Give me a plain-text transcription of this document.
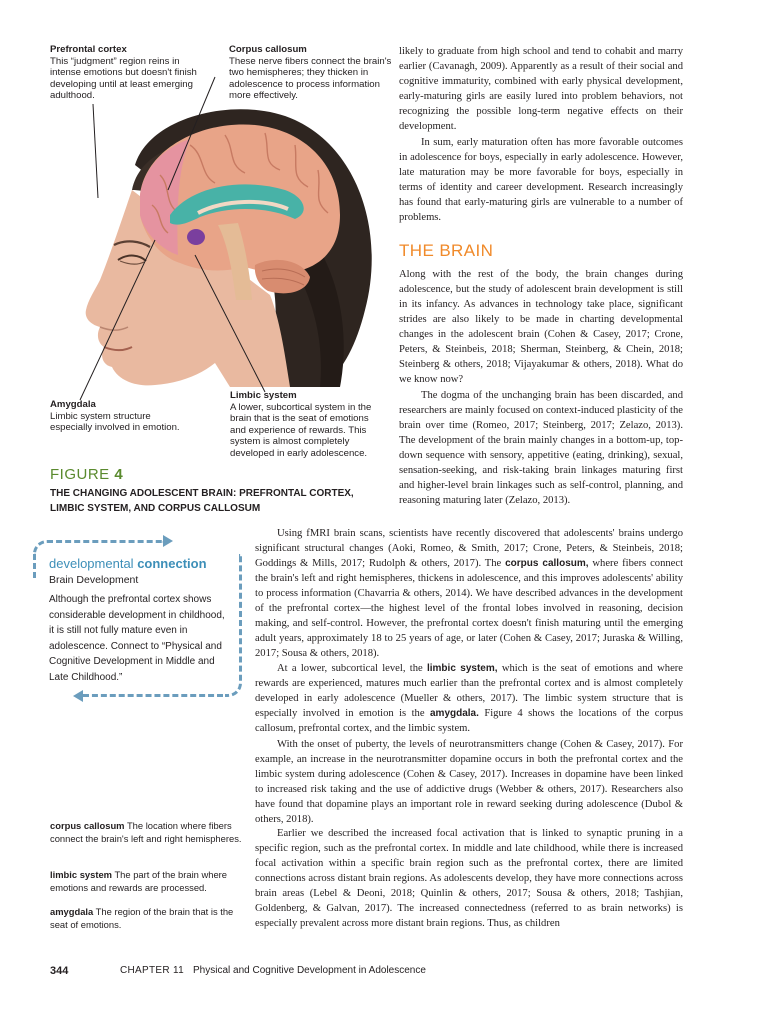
Prefrontal cortex
This “judgment” region reins in intense emotions but doesn't finish developing until at least emerging adulthood.
Corpus callosum
These nerve fibers connect the brain's two hemispheres; they thicken in adolescence to process information more effectively.
Amygdala
Limbic system structure especially involved in emotion.
Limbic system
A lower, subcortical system in the brain that is the seat of emotions and experience of rewards. This system is almost completely developed in early adolescence.
FIGURE 4
THE CHANGING ADOLESCENT BRAIN: PREFRONTAL CORTEX, LIMBIC SYSTEM, AND CORPUS CALLOSUM
developmental connection
Brain Development
Although the prefrontal cortex shows considerable development in childhood, it is still not fully mature even in adolescence. Connect to “Physical and Cognitive Development in Middle and Late Childhood.”
corpus callosum The location where fibers connect the brain's left and right hemispheres.
limbic system The part of the brain where emotions and rewards are processed.
amygdala The region of the brain that is the seat of emotions.
likely to graduate from high school and tend to cohabit and marry earlier (Cavanagh, 2009). Apparently as a result of their social and cognitive immaturity, combined with early physical development, early-maturing girls are easily lured into problem behaviors, not recognizing the possible long-term negative effects on their development.
In sum, early maturation often has more favorable outcomes in adolescence for boys, especially in early adolescence. However, late maturation may be more favorable for boys, especially in terms of identity and career development. Research increasingly has found that early-maturing girls are vulnerable to a number of problems.
THE BRAIN
Along with the rest of the body, the brain changes during adolescence, but the study of adolescent brain development is still in its infancy. As advances in technology take place, significant strides are also likely to be made in charting developmental changes in the adolescent brain (Cohen & Casey, 2017; Crone, Peters, & Steinbeis, 2018; Sherman, Steinberg, & Chein, 2018; Steinberg & others, 2018; Vijayakumar & others, 2018). What do we know now?
The dogma of the unchanging brain has been discarded, and researchers are mainly focused on context-induced plasticity of the brain over time (Romeo, 2017; Steinberg, 2017; Zelazo, 2013). The development of the brain mainly changes in a bottom-up, top-down sequence with sensory, appetitive (eating, drinking), sexual, sensation-seeking, and risk-taking brain linkages maturing first and higher-level brain linkages such as self-control, planning, and reasoning maturing later (Zelazo, 2013).
Using fMRI brain scans, scientists have recently discovered that adolescents' brains undergo significant structural changes (Aoki, Romeo, & Smith, 2017; Crone, Peters, & Steinbeis, 2018; Goddings & Mills, 2017; Rudolph & others, 2017). The corpus callosum, where fibers connect the brain's left and right hemispheres, thickens in adolescence, and this improves adolescents' ability to process information (Chavarria & others, 2014). We have described advances in the development of the prefrontal cortex—the highest level of the frontal lobes involved in reasoning, decision making, and self-control. However, the prefrontal cortex doesn't finish maturing until the emerging adult years, approximately 18 to 25 years of age, or later (Cohen & Casey, 2017; Juraska & Willing, 2017; Sousa & others, 2018).
At a lower, subcortical level, the limbic system, which is the seat of emotions and where rewards are experienced, matures much earlier than the prefrontal cortex and is almost completely developed in early adolescence (Mueller & others, 2017). The limbic system structure that is especially involved in emotion is the amygdala. Figure 4 shows the locations of the corpus callosum, prefrontal cortex, and the limbic system.
With the onset of puberty, the levels of neurotransmitters change (Cohen & Casey, 2017). For example, an increase in the neurotransmitter dopamine occurs in both the prefrontal cortex and the limbic system during adolescence (Cohen & Casey, 2017). Increases in dopamine have been linked to increased risk taking and the use of addictive drugs (Webber & others, 2017). Researchers also have found that dopamine plays an important role in reward seeking during adolescence (Dubol & others, 2018).
Earlier we described the increased focal activation that is linked to synaptic pruning in a specific region, such as the prefrontal cortex. In middle and late childhood, while there is increased focal activation within a specific brain region such as the prefrontal cortex, there are limited connections across distant brain regions. As adolescents develop, they have more connections across brain areas (Lebel & Deoni, 2018; Quinlin & others, 2017; Sousa & others, 2018; Tashjian, Goldenberg, & Galvan, 2017). The increased connectedness (referred to as brain networks) is especially prevalent across more distant brain regions. Thus, as children
344	CHAPTER 11 Physical and Cognitive Development in Adolescence
